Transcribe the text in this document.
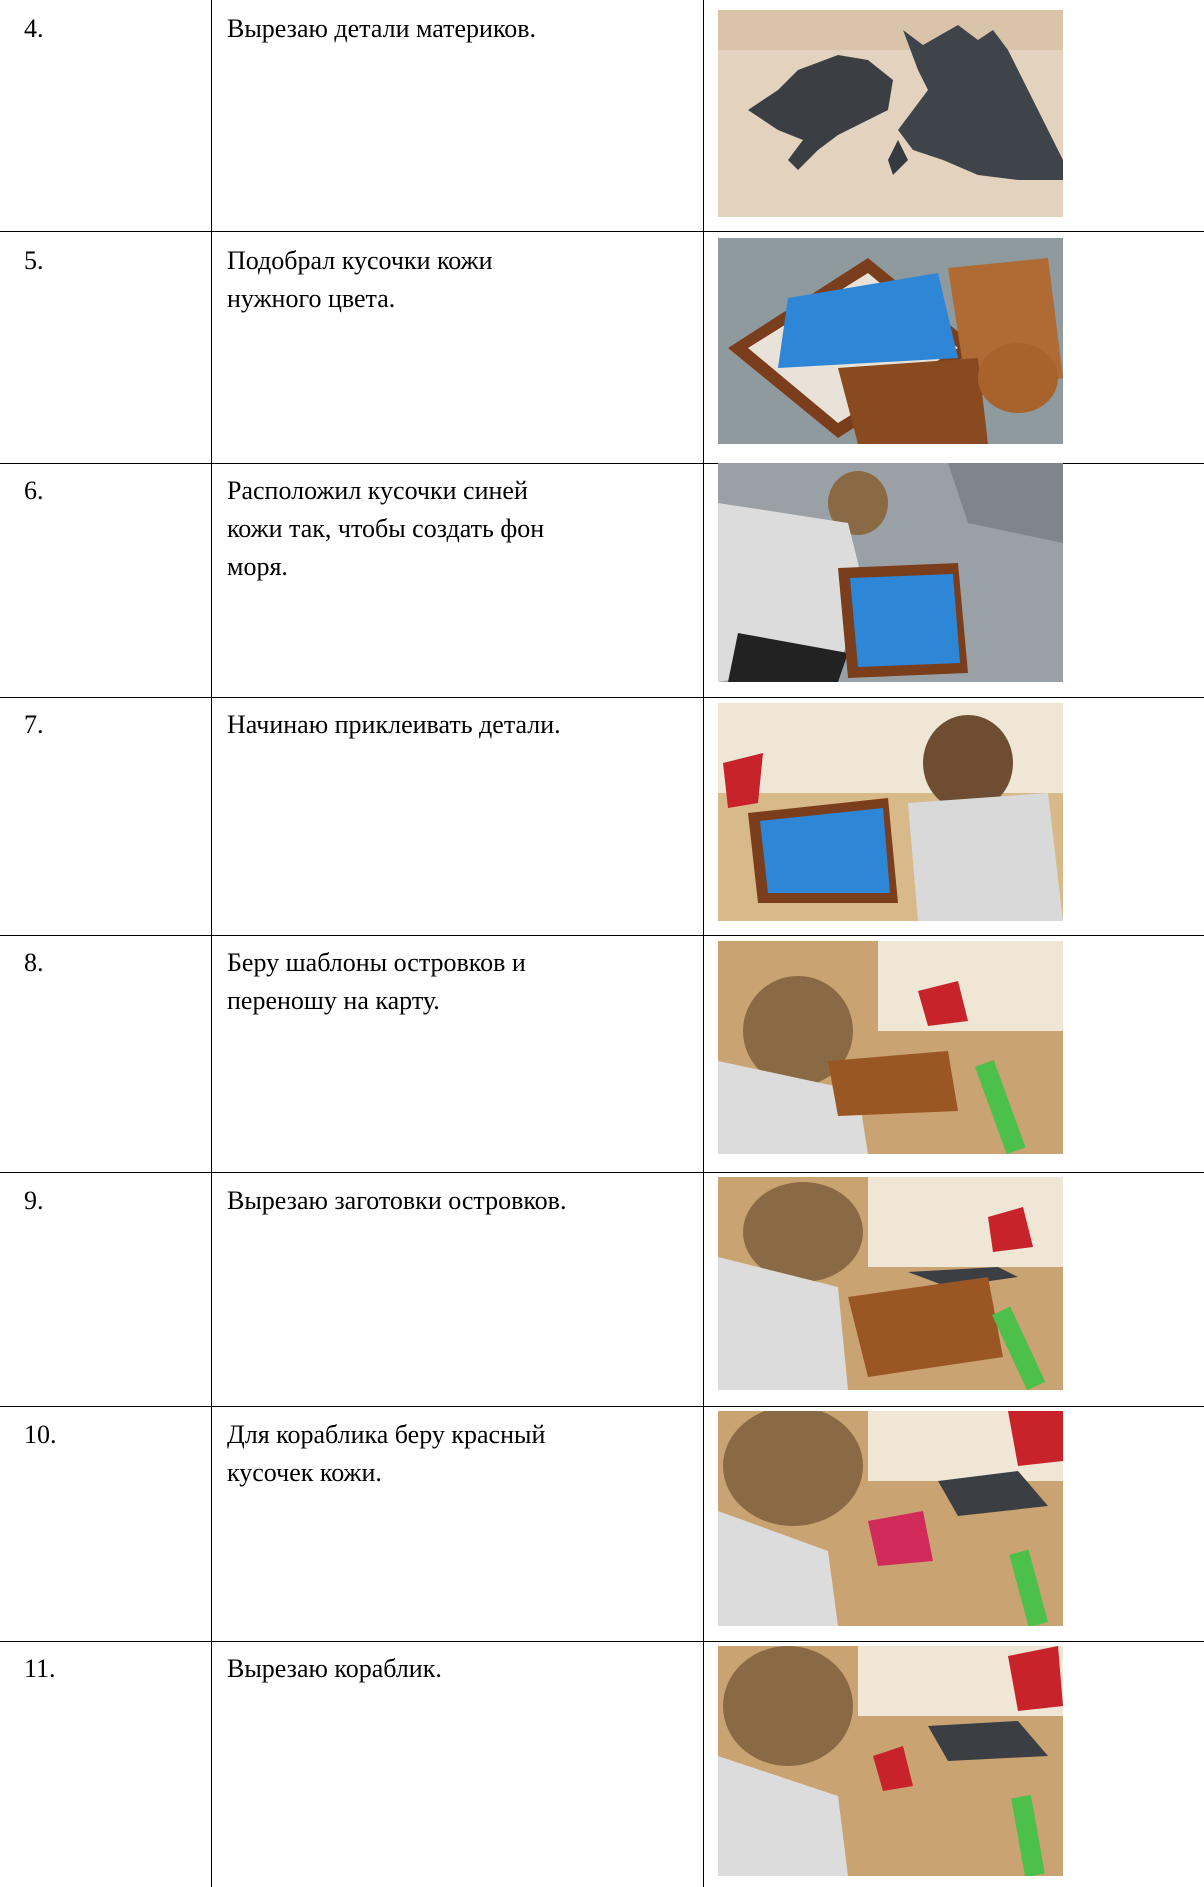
4.	Вырезаю детали материков.
5.	Подобрал кусочки кожи нужного цвета.
6.	Расположил кусочки синей кожи так, чтобы создать фон моря.
7.	Начинаю приклеивать детали.
8.	Беру шаблоны островков и переношу на карту.
9.	Вырезаю заготовки островков.
10.	Для кораблика беру красный кусочек кожи.
11.	Вырезаю кораблик.
